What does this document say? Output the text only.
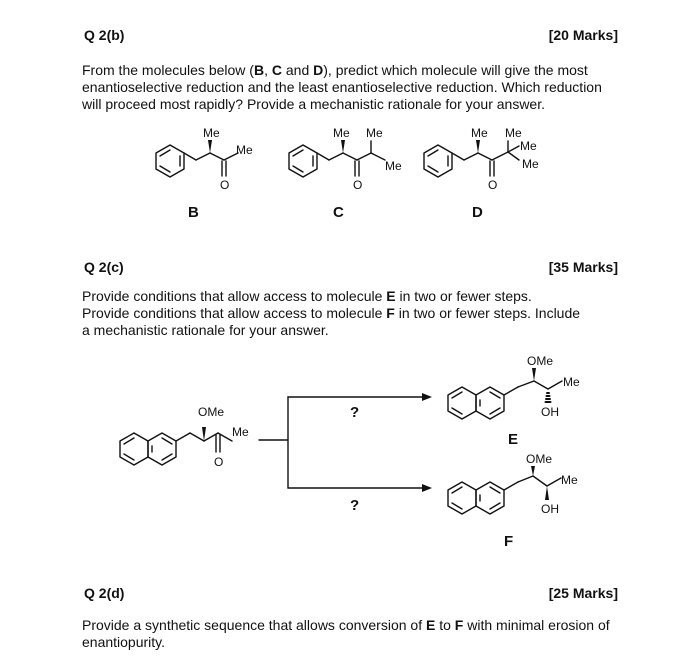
Q 2(b)	[20 Marks]
From the molecules below (B, C and D), predict which molecule will give the most enantioselective reduction and the least enantioselective reduction. Which reduction will proceed most rapidly? Provide a mechanistic rationale for your answer.
Q 2(c)	[35 Marks]
Provide conditions that allow access to molecule E in two or fewer steps. Provide conditions that allow access to molecule F in two or fewer steps. Include a mechanistic rationale for your answer.
Q 2(d)	[25 Marks]
Provide a synthetic sequence that allows conversion of E to F with minimal erosion of enantiopurity.
Me
Me
O
B
Me Me
Me
O
C
Me Me
Me
Me
O
D
OMe
Me
O
?
?
OMe
Me
OH
E
OMe
Me
OH
F
